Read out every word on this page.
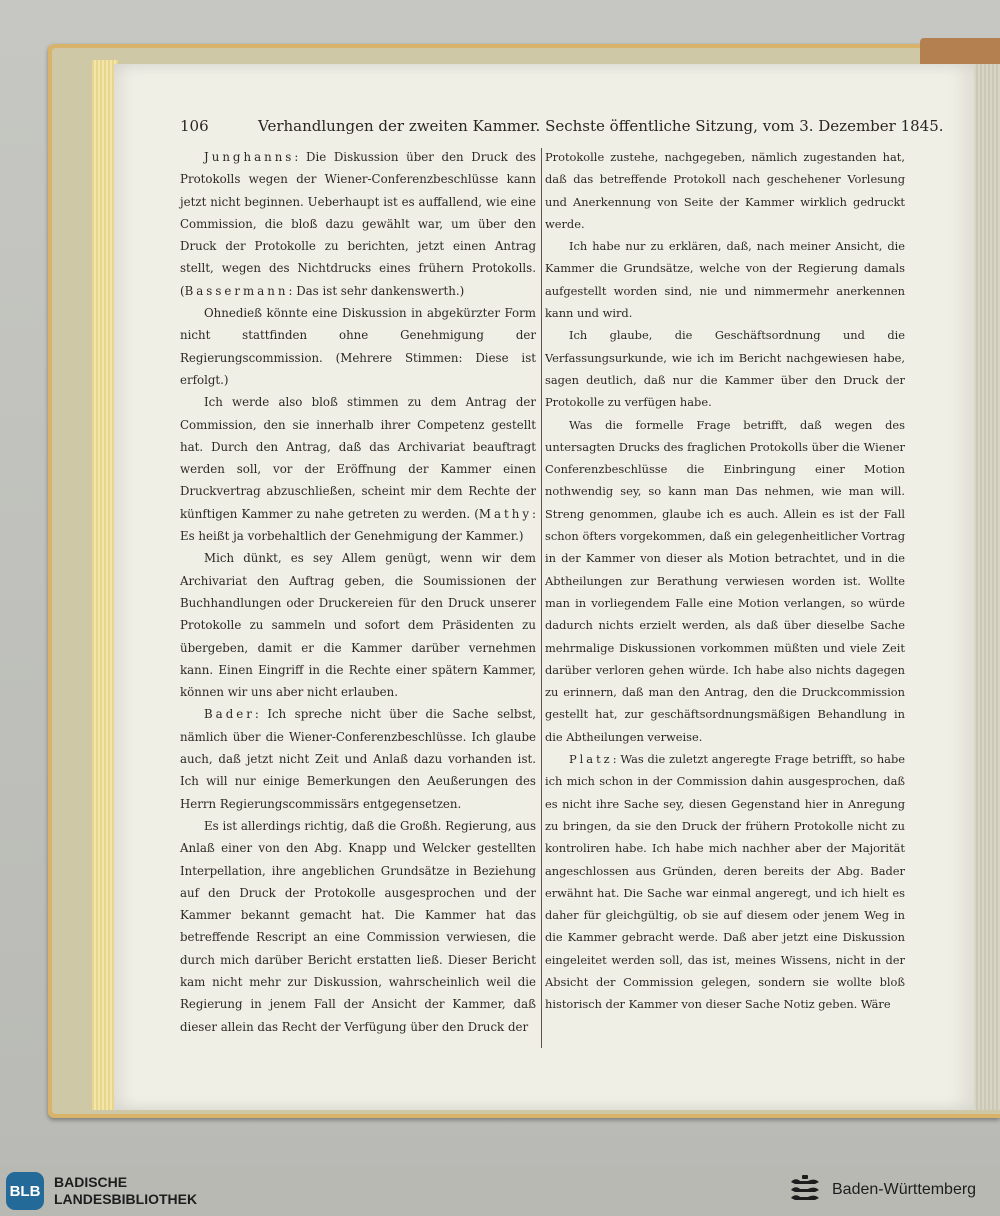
106	Verhandlungen der zweiten Kammer. Sechste öffentliche Sitzung, vom 3. Dezember 1845.

Junghanns: Die Diskussion über den Druck des Protokolls wegen der Wiener-Conferenzbeschlüsse kann jetzt nicht beginnen. Ueberhaupt ist es auffallend, wie eine Commission, die bloß dazu gewählt war, um über den Druck der Protokolle zu berichten, jetzt einen Antrag stellt, wegen des Nichtdrucks eines frühern Protokolls. (Bassermann: Das ist sehr dankenswerth.)

Ohnedieß könnte eine Diskussion in abgekürzter Form nicht stattfinden ohne Genehmigung der Regierungscommission. (Mehrere Stimmen: Diese ist erfolgt.)

Ich werde also bloß stimmen zu dem Antrag der Commission, den sie innerhalb ihrer Competenz gestellt hat. Durch den Antrag, daß das Archivariat beauftragt werden soll, vor der Eröffnung der Kammer einen Druckvertrag abzuschließen, scheint mir dem Rechte der künftigen Kammer zu nahe getreten zu werden. (Mathy: Es heißt ja vorbehaltlich der Genehmigung der Kammer.)

Mich dünkt, es sey Allem genügt, wenn wir dem Archivariat den Auftrag geben, die Soumissionen der Buchhandlungen oder Druckereien für den Druck unserer Protokolle zu sammeln und sofort dem Präsidenten zu übergeben, damit er die Kammer darüber vernehmen kann. Einen Eingriff in die Rechte einer spätern Kammer, können wir uns aber nicht erlauben.

Bader: Ich spreche nicht über die Sache selbst, nämlich über die Wiener-Conferenzbeschlüsse. Ich glaube auch, daß jetzt nicht Zeit und Anlaß dazu vorhanden ist. Ich will nur einige Bemerkungen den Aeußerungen des Herrn Regierungscommissärs entgegensetzen.

Es ist allerdings richtig, daß die Großh. Regierung, aus Anlaß einer von den Abg. Knapp und Welcker gestellten Interpellation, ihre angeblichen Grundsätze in Beziehung auf den Druck der Protokolle ausgesprochen und der Kammer bekannt gemacht hat. Die Kammer hat das betreffende Rescript an eine Commission verwiesen, die durch mich darüber Bericht erstatten ließ. Dieser Bericht kam nicht mehr zur Diskussion, wahrscheinlich weil die Regierung in jenem Fall der Ansicht der Kammer, daß dieser allein das Recht der Verfügung über den Druck der

Protokolle zustehe, nachgegeben, nämlich zugestanden hat, daß das betreffende Protokoll nach geschehener Vorlesung und Anerkennung von Seite der Kammer wirklich gedruckt werde.

Ich habe nur zu erklären, daß, nach meiner Ansicht, die Kammer die Grundsätze, welche von der Regierung damals aufgestellt worden sind, nie und nimmermehr anerkennen kann und wird.

Ich glaube, die Geschäftsordnung und die Verfassungsurkunde, wie ich im Bericht nachgewiesen habe, sagen deutlich, daß nur die Kammer über den Druck der Protokolle zu verfügen habe.

Was die formelle Frage betrifft, daß wegen des untersagten Drucks des fraglichen Protokolls über die Wiener Conferenzbeschlüsse die Einbringung einer Motion nothwendig sey, so kann man Das nehmen, wie man will. Streng genommen, glaube ich es auch. Allein es ist der Fall schon öfters vorgekommen, daß ein gelegenheitlicher Vortrag in der Kammer von dieser als Motion betrachtet, und in die Abtheilungen zur Berathung verwiesen worden ist. Wollte man in vorliegendem Falle eine Motion verlangen, so würde dadurch nichts erzielt werden, als daß über dieselbe Sache mehrmalige Diskussionen vorkommen müßten und viele Zeit darüber verloren gehen würde. Ich habe also nichts dagegen zu erinnern, daß man den Antrag, den die Druckcommission gestellt hat, zur geschäftsordnungsmäßigen Behandlung in die Abtheilungen verweise.

Platz: Was die zuletzt angeregte Frage betrifft, so habe ich mich schon in der Commission dahin ausgesprochen, daß es nicht ihre Sache sey, diesen Gegenstand hier in Anregung zu bringen, da sie den Druck der frühern Protokolle nicht zu kontroliren habe. Ich habe mich nachher aber der Majorität angeschlossen aus Gründen, deren bereits der Abg. Bader erwähnt hat. Die Sache war einmal angeregt, und ich hielt es daher für gleichgültig, ob sie auf diesem oder jenem Weg in die Kammer gebracht werde. Daß aber jetzt eine Diskussion eingeleitet werden soll, das ist, meines Wissens, nicht in der Absicht der Commission gelegen, sondern sie wollte bloß historisch der Kammer von dieser Sache Notiz geben. Wäre

BLB
BADISCHE
LANDESBIBLIOTHEK
Baden-Württemberg
